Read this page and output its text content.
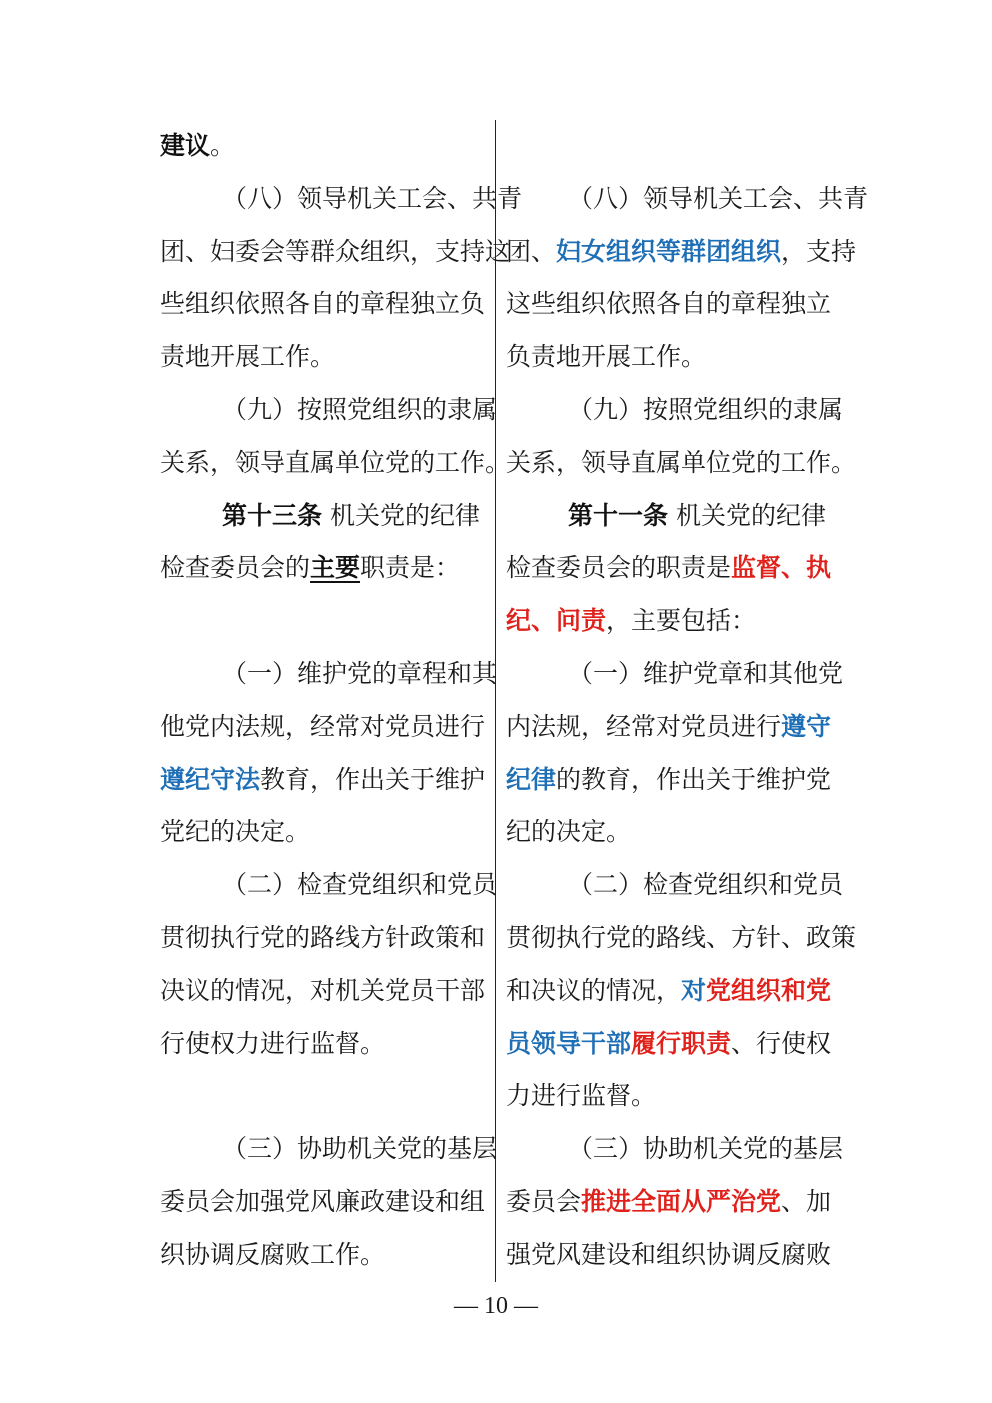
建议。
（八）领导机关工会、共青
团、妇委会等群众组织，支持这
些组织依照各自的章程独立负
责地开展工作。
（九）按照党组织的隶属
关系，领导直属单位党的工作。
第十三条 机关党的纪律
检查委员会的主要职责是：
（一）维护党的章程和其
他党内法规，经常对党员进行
遵纪守法教育，作出关于维护
党纪的决定。
（二）检查党组织和党员
贯彻执行党的路线方针政策和
决议的情况，对机关党员干部
行使权力进行监督。
（三）协助机关党的基层
委员会加强党风廉政建设和组
织协调反腐败工作。
（八）领导机关工会、共青
团、妇女组织等群团组织，支持
这些组织依照各自的章程独立
负责地开展工作。
（九）按照党组织的隶属
关系，领导直属单位党的工作。
第十一条 机关党的纪律
检查委员会的职责是监督、执
纪、问责，主要包括：
（一）维护党章和其他党
内法规，经常对党员进行遵守
纪律的教育，作出关于维护党
纪的决定。
（二）检查党组织和党员
贯彻执行党的路线、方针、政策
和决议的情况，对党组织和党
员领导干部履行职责、行使权
力进行监督。
（三）协助机关党的基层
委员会推进全面从严治党、加
强党风建设和组织协调反腐败
— 10 —
